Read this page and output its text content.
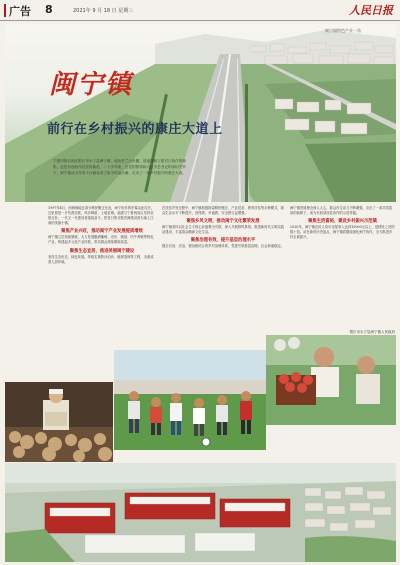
广告 8	2021年 9 月 18 日 星期三	人民日报
闽宁镇特色产业一角
闽宁镇
前行在乡村振兴的康庄大道上
宁夏回族自治区银川市永宁县闽宁镇，地处贺兰山东麓，是福建和宁夏对口协作的缩影，也是东西协作扶贫的典范。二十多年来，在党的领导和习近平总书记的亲切关怀下，闽宁镇从当年的干沙滩变成了如今的金沙滩，走出了一条乡村振兴的康庄大道。
1997年4月，西海固地区部分移民搬迁至此，闽宁协作的序幕由此拉开。这里曾是一片荒漠戈壁，风沙肆虐，土地贫瘠。福建与宁夏两省区坚持优势互补，一代又一代建设者接续奋斗，把昔日的戈壁荒滩建设成为塞上江南的美丽小镇。
聚焦产业兴旺，推动闽宁产业发展提质增效
闽宁镇立足资源禀赋，大力发展酿酒葡萄、光伏、菌菇、肉牛养殖等特色产业，构建起多元化产业体系，带动群众持续增收致富。
聚焦生态宜居，推进美丽闽宁建设
坚持生态优先、绿色发展，持续实施防沙治沙、植树造林等工程，全面改善人居环境。
在扶贫开发过程中，闽宁镇积极探索移民搬迁、产业扶贫、教育扶贫等多种模式，群众生活水平不断提升，获得感、幸福感、安全感日益增强。
聚焦乡风文明，推动闽宁文化繁荣发展
闽宁镇坚持以社会主义核心价值观为引领，深入开展移风易俗，推进新时代文明实践站建设，丰富群众精神文化生活。
聚焦治理有效，提升基层治理水平
健全自治、法治、德治相结合的乡村治理体系，党建引领基层治理，社会和谐稳定。
闽宁镇发展理念深入人心，群众内生动力不断增强，走出了一条共同富裕的新路子，成为东西部扶贫协作的示范样板。
聚焦生活富裕，建设乡村振兴示范镇
2020年，闽宁镇农民人均可支配收入达到15000元以上，是移民之初的数十倍。站在新的历史起点，闽宁镇将继续深化闽宁协作，全力推进乡村全面振兴。
银川市永宁县闽宁镇人民政府
